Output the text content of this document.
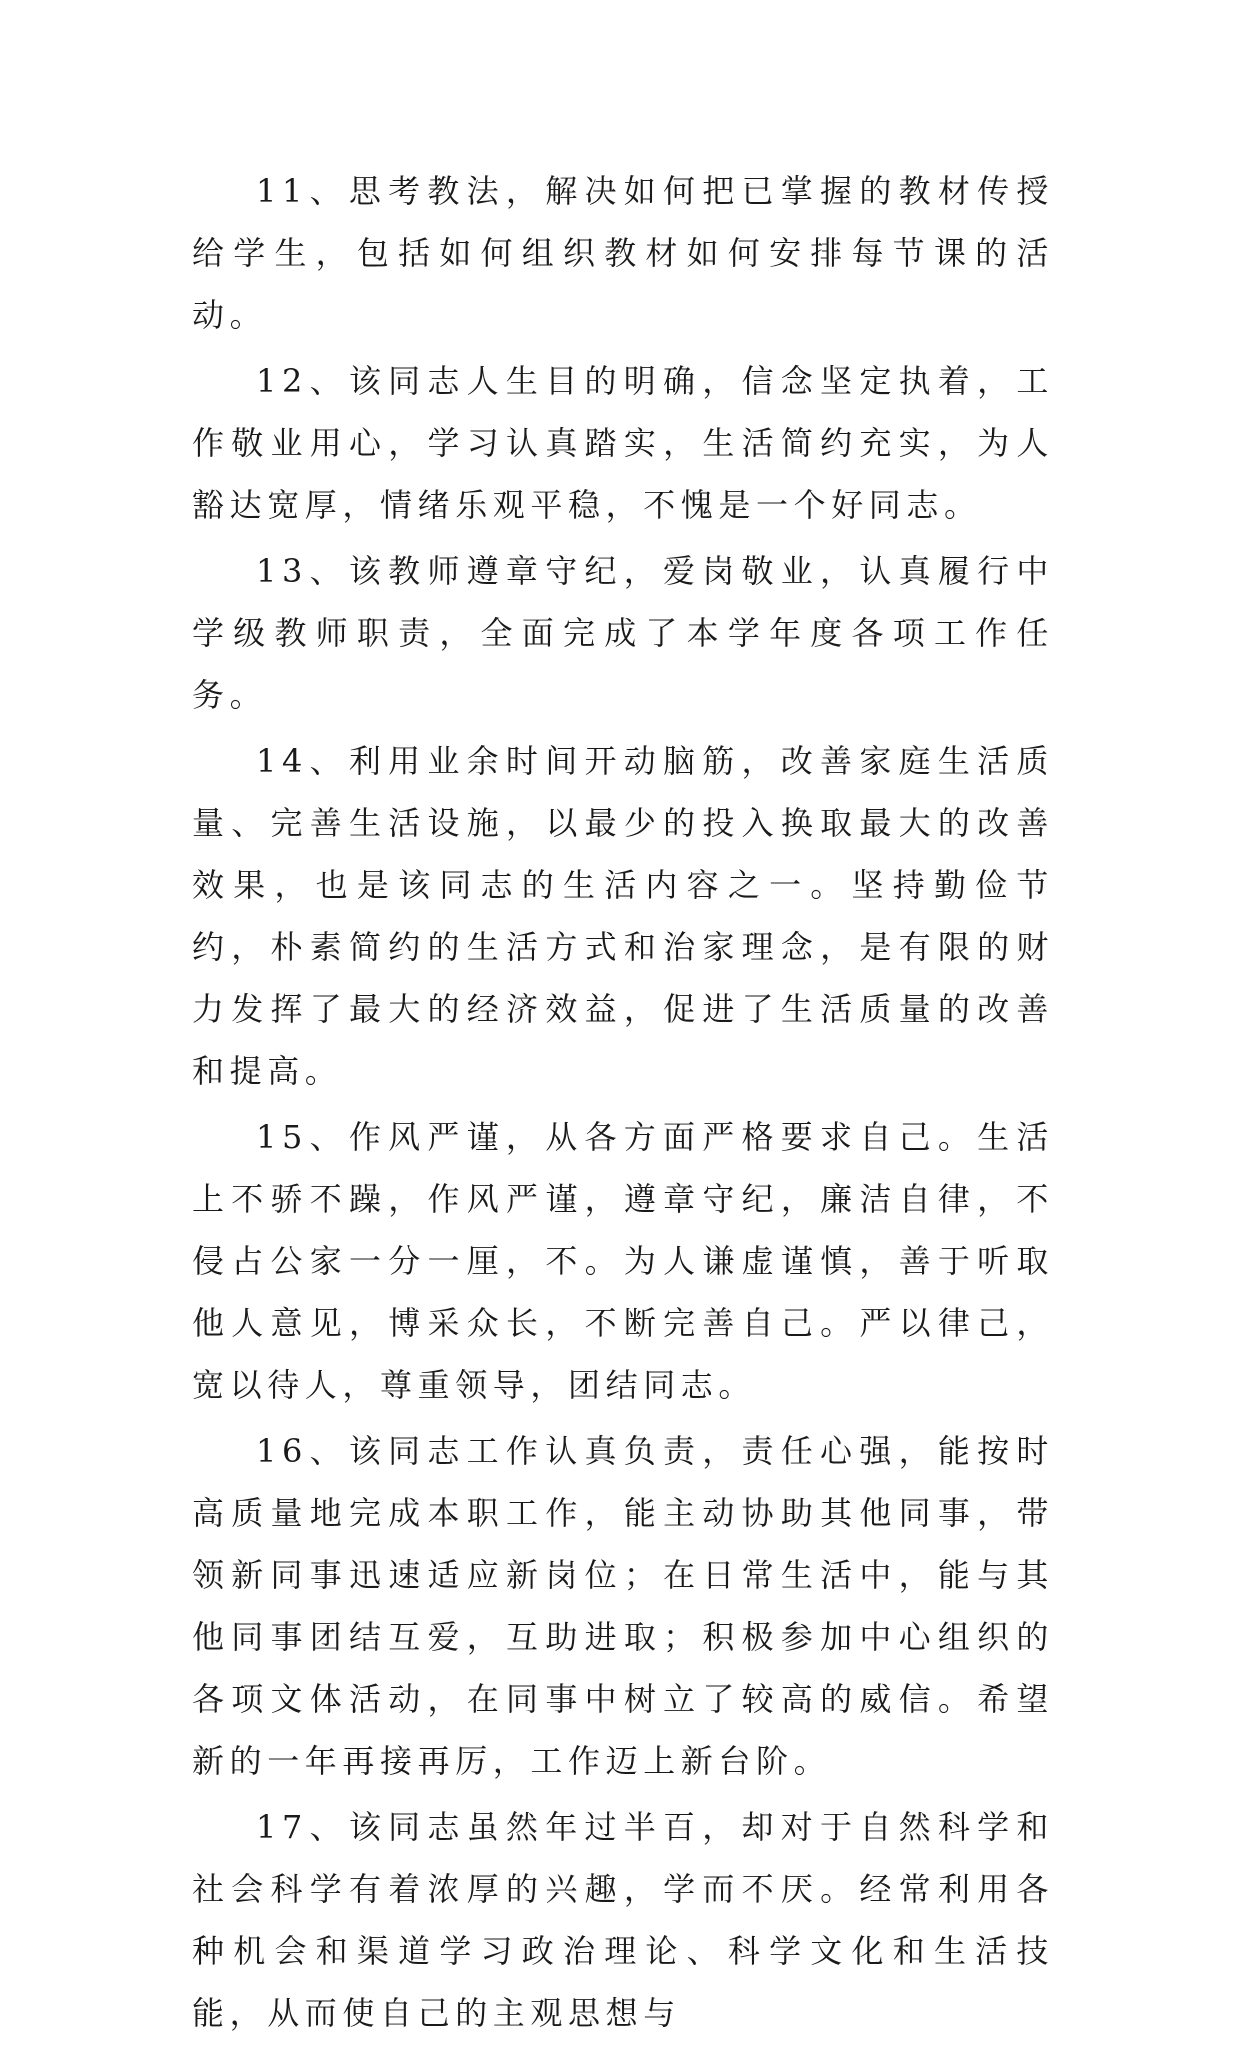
11、思考教法，解决如何把已掌握的教材传授给学生，包括如何组织教材如何安排每节课的活动。

12、该同志人生目的明确，信念坚定执着，工作敬业用心，学习认真踏实，生活简约充实，为人豁达宽厚，情绪乐观平稳，不愧是一个好同志。

13、该教师遵章守纪，爱岗敬业，认真履行中学级教师职责，全面完成了本学年度各项工作任务。

14、利用业余时间开动脑筋，改善家庭生活质量、完善生活设施，以最少的投入换取最大的改善效果，也是该同志的生活内容之一。坚持勤俭节约，朴素简约的生活方式和治家理念，是有限的财力发挥了最大的经济效益，促进了生活质量的改善和提高。

15、作风严谨，从各方面严格要求自己。生活上不骄不躁，作风严谨，遵章守纪，廉洁自律，不侵占公家一分一厘，不。为人谦虚谨慎，善于听取他人意见，博采众长，不断完善自己。严以律己，宽以待人，尊重领导，团结同志。

16、该同志工作认真负责，责任心强，能按时高质量地完成本职工作，能主动协助其他同事，带领新同事迅速适应新岗位；在日常生活中，能与其他同事团结互爱，互助进取；积极参加中心组织的各项文体活动，在同事中树立了较高的威信。希望新的一年再接再厉，工作迈上新台阶。

17、该同志虽然年过半百，却对于自然科学和社会科学有着浓厚的兴趣，学而不厌。经常利用各种机会和渠道学习政治理论、科学文化和生活技能，从而使自己的主观思想与
